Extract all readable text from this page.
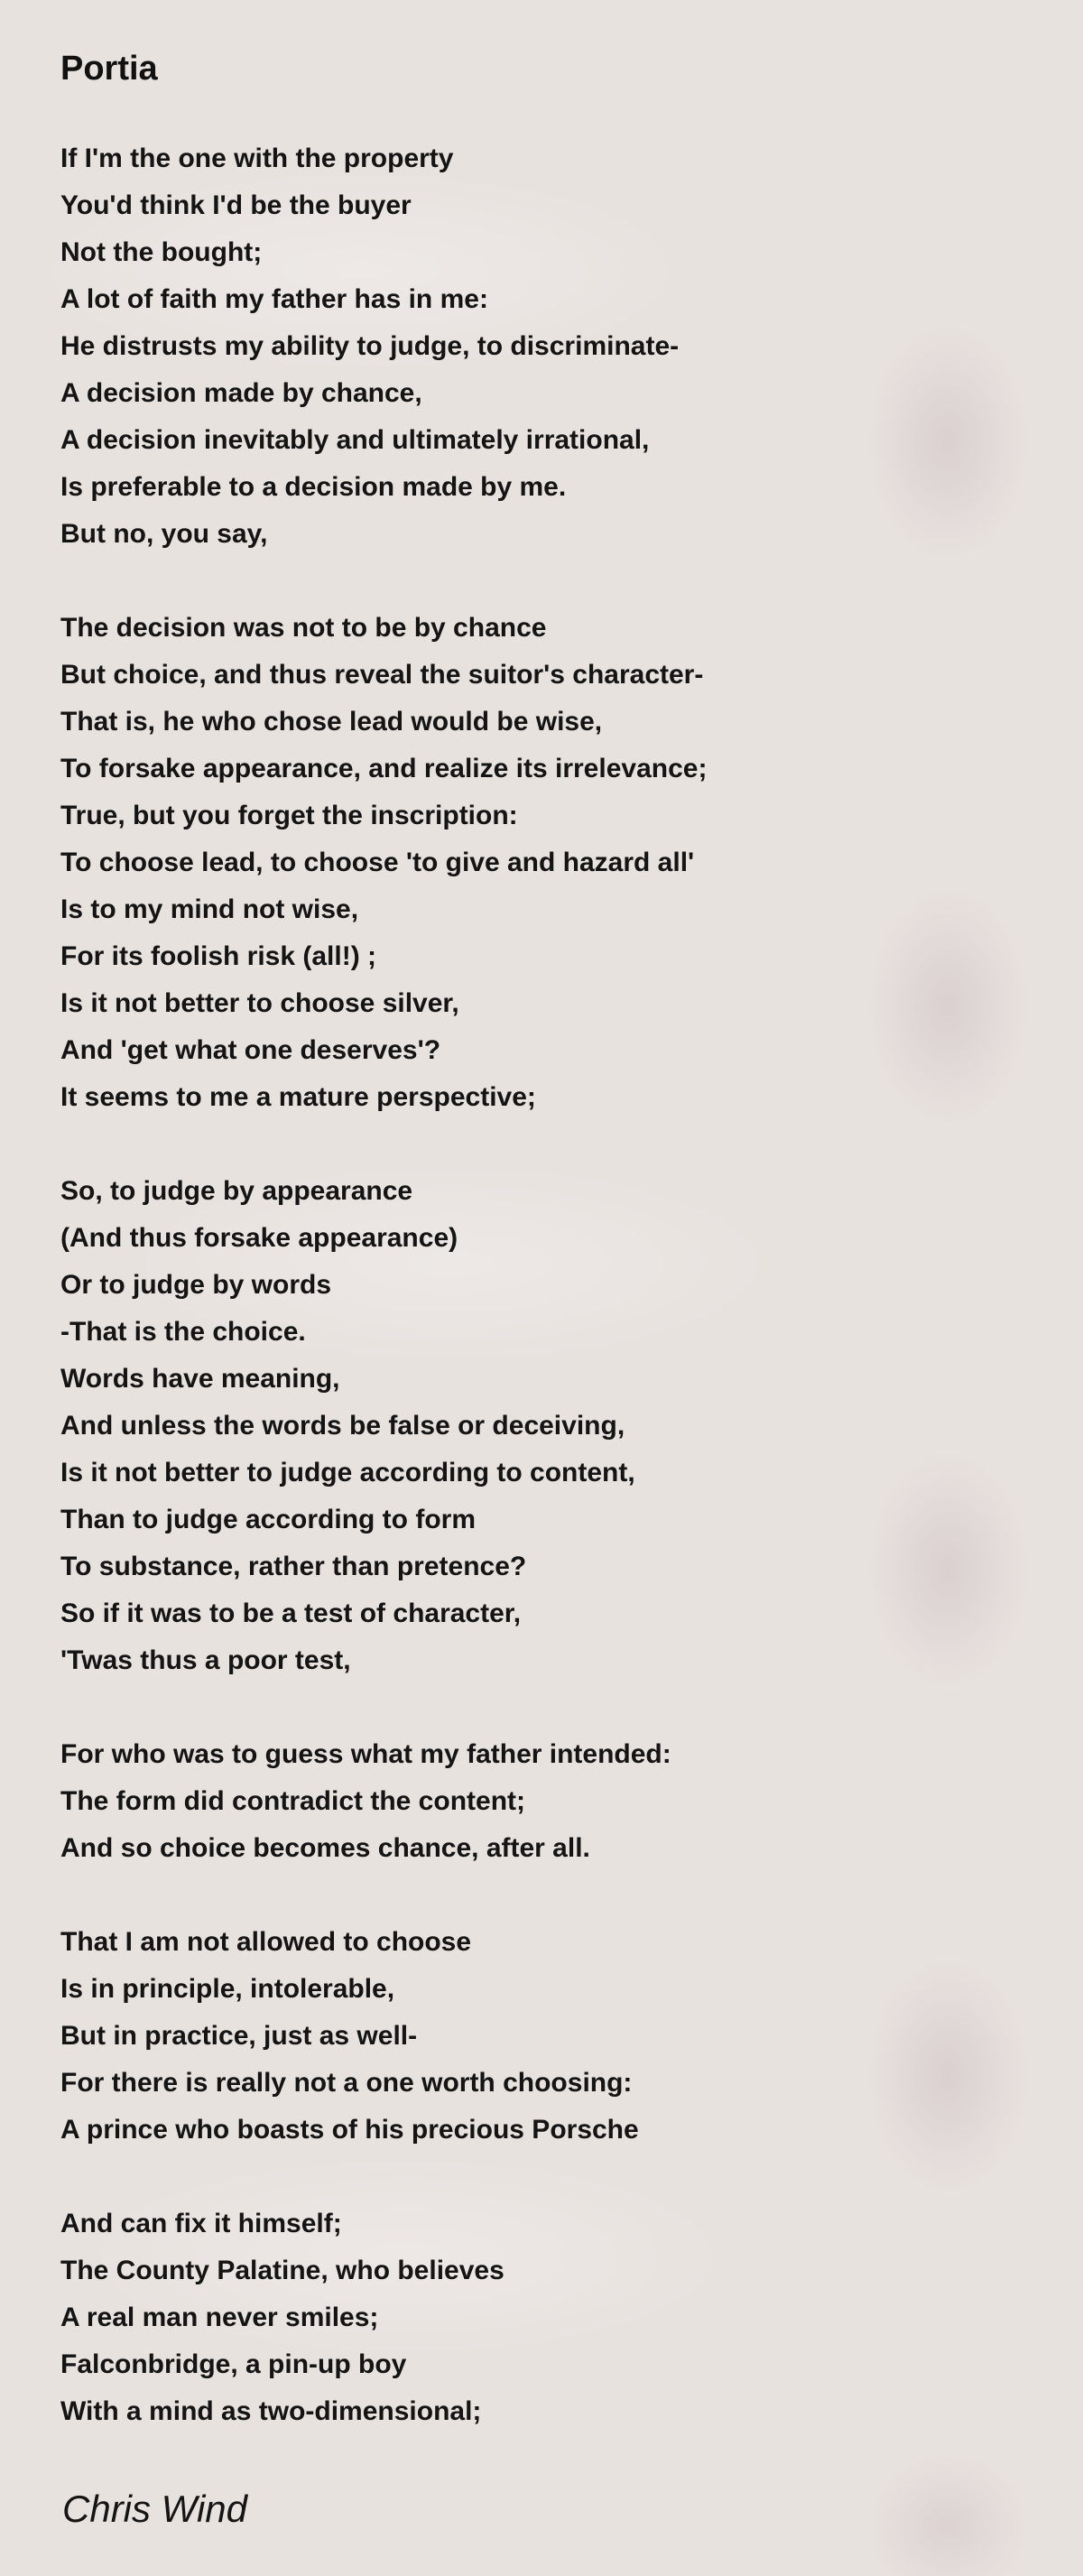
Portia
If I'm the one with the property
You'd think I'd be the buyer
Not the bought;
A lot of faith my father has in me:
He distrusts my ability to judge, to discriminate-
A decision made by chance,
A decision inevitably and ultimately irrational,
Is preferable to a decision made by me.
But no, you say,
The decision was not to be by chance
But choice, and thus reveal the suitor's character-
That is, he who chose lead would be wise,
To forsake appearance, and realize its irrelevance;
True, but you forget the inscription:
To choose lead, to choose 'to give and hazard all'
Is to my mind not wise,
For its foolish risk (all!) ;
Is it not better to choose silver,
And 'get what one deserves'?
It seems to me a mature perspective;
So, to judge by appearance
(And thus forsake appearance)
Or to judge by words
-That is the choice.
Words have meaning,
And unless the words be false or deceiving,
Is it not better to judge according to content,
Than to judge according to form
To substance, rather than pretence?
So if it was to be a test of character,
'Twas thus a poor test,
For who was to guess what my father intended:
The form did contradict the content;
And so choice becomes chance, after all.
That I am not allowed to choose
Is in principle, intolerable,
But in practice, just as well-
For there is really not a one worth choosing:
A prince who boasts of his precious Porsche
And can fix it himself;
The County Palatine, who believes
A real man never smiles;
Falconbridge, a pin-up boy
With a mind as two-dimensional;
Chris Wind
